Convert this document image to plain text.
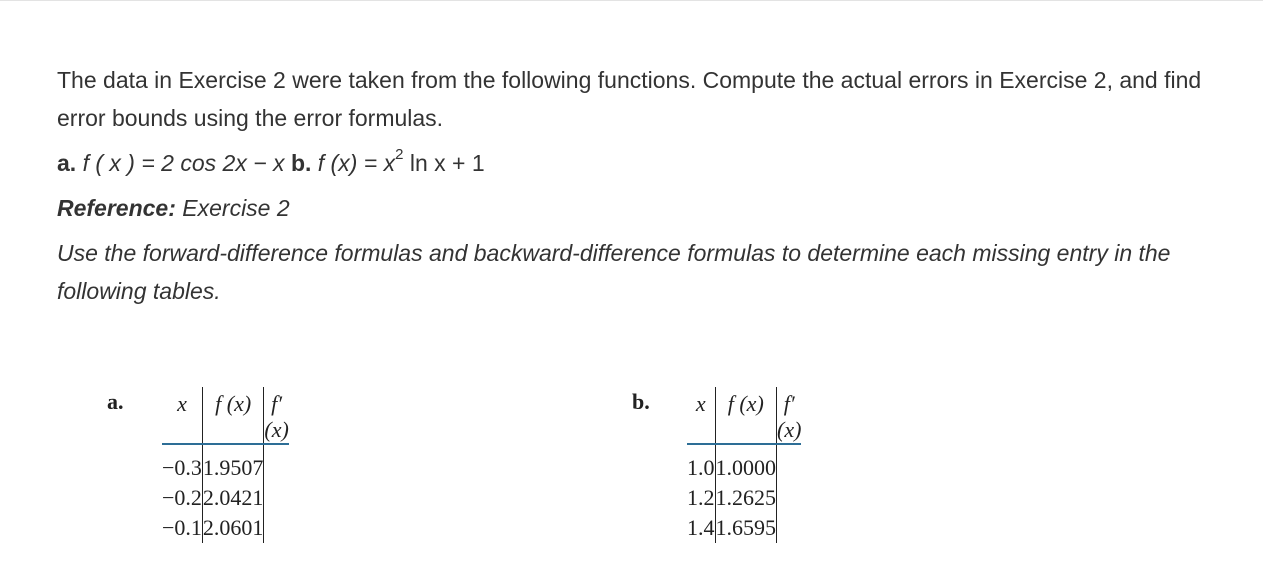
The data in Exercise 2 were taken from the following functions. Compute the actual errors in Exercise 2, and find error bounds using the error formulas.

a. f ( x ) = 2 cos 2x − x b. f $(x) = x^2$ ln x + 1

Reference: Exercise 2

Use the forward-difference formulas and backward-difference formulas to determine each missing entry in the following tables.

a. x	f (x)	f′(x)
−0.3	1.9507	
−0.2	2.0421	
−0.1	2.0601	
b. x	f (x)	f′(x)
1.0	1.0000	
1.2	1.2625	
1.4	1.6595	
